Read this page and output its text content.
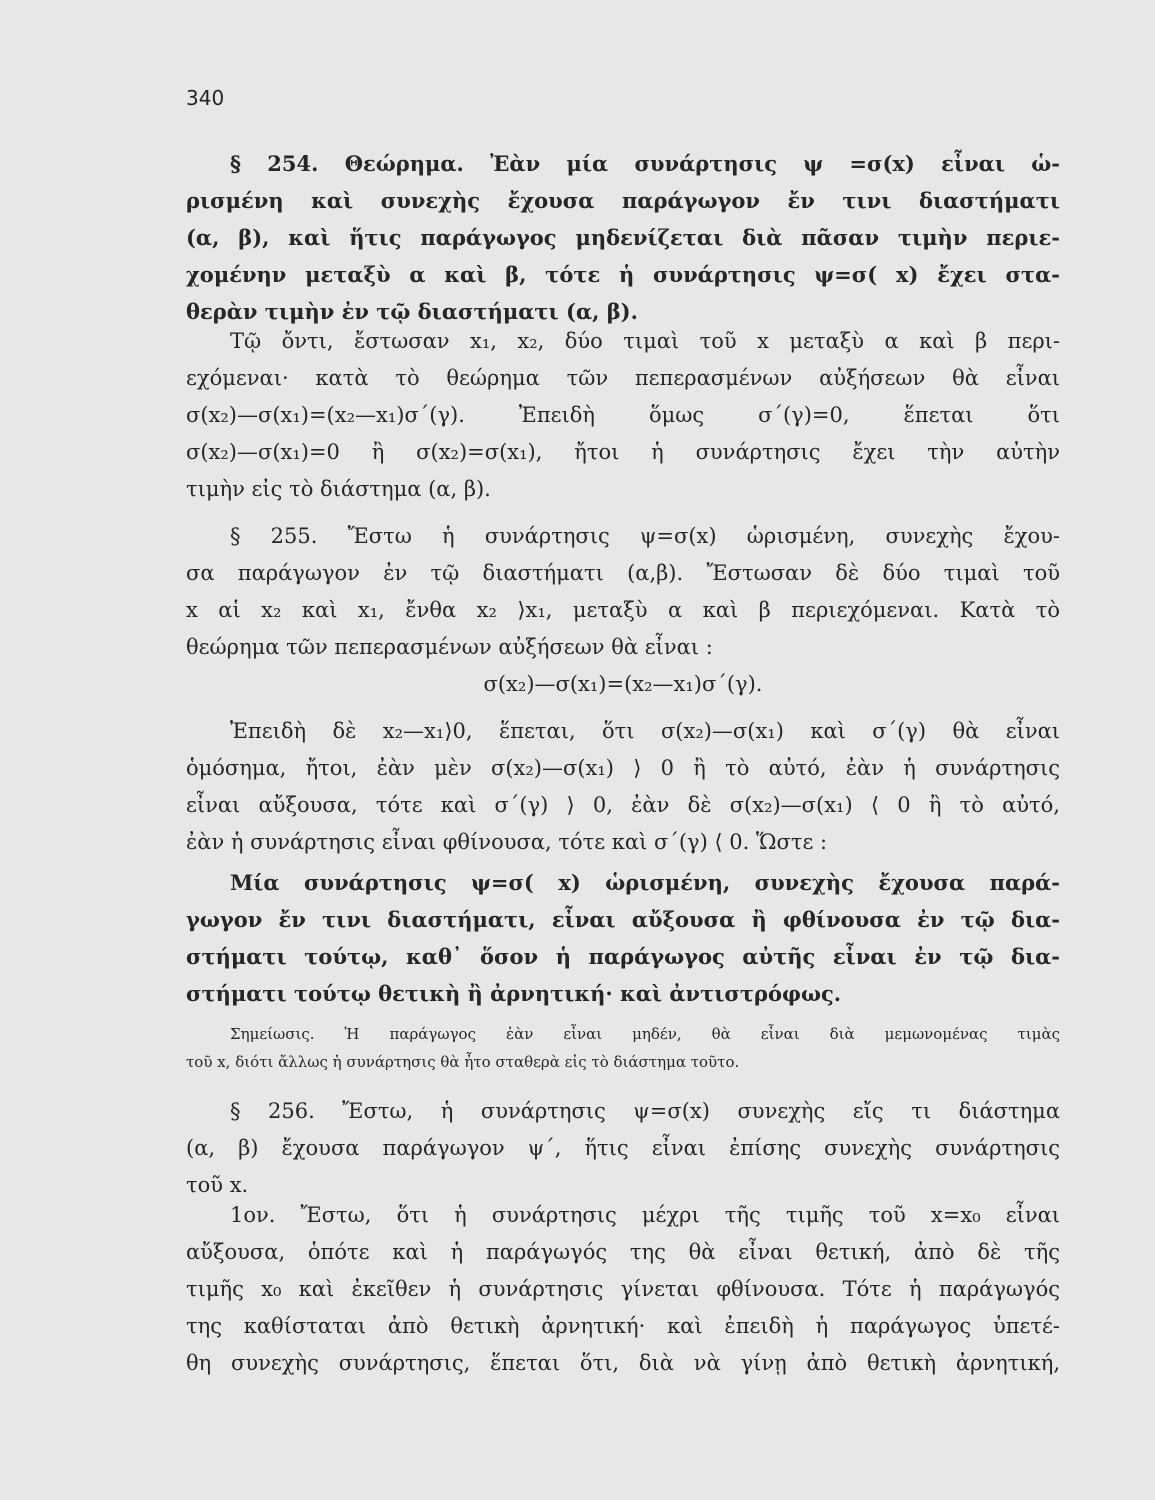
340
§ 254. Θεώρημα. Ἐὰν μία συνάρτησις ψ =σ(x) εἶναι ὡ-
ρισμένη καὶ συνεχὴς ἔχουσα παράγωγον ἔν τινι διαστήματι
(α, β), καὶ ἥτις παράγωγος μηδενίζεται διὰ πᾶσαν τιμὴν περιε-
χομένην μεταξὺ α καὶ β, τότε ἡ συνάρτησις ψ=σ( x) ἔχει στα-
θερὰν τιμὴν ἐν τῷ διαστήματι (α, β).
Τῷ ὄντι, ἔστωσαν x₁, x₂, δύο τιμαὶ τοῦ x μεταξὺ α καὶ β περι-
εχόμεναι· κατὰ τὸ θεώρημα τῶν πεπερασμένων αὐξήσεων θὰ εἶναι
σ(x₂)—σ(x₁)=(x₂—x₁)σ΄(γ). Ἐπειδὴ ὅμως σ΄(γ)=0, ἕπεται ὅτι
σ(x₂)—σ(x₁)=0 ἢ σ(x₂)=σ(x₁), ἤτοι ἡ συνάρτησις ἔχει τὴν αὐτὴν
τιμὴν εἰς τὸ διάστημα (α, β).
§ 255. Ἔστω ἡ συνάρτησις ψ=σ(x) ὡρισμένη, συνεχὴς ἔχου-
σα παράγωγον ἐν τῷ διαστήματι (α,β). Ἔστωσαν δὲ δύο τιμαὶ τοῦ
x αἱ x₂ καὶ x₁, ἔνθα x₂ ⟩x₁, μεταξὺ α καὶ β περιεχόμεναι. Κατὰ τὸ
θεώρημα τῶν πεπερασμένων αὐξήσεων θὰ εἶναι :
σ(x₂)—σ(x₁)=(x₂—x₁)σ΄(γ).
Ἐπειδὴ δὲ x₂—x₁⟩0, ἕπεται, ὅτι σ(x₂)—σ(x₁) καὶ σ΄(γ) θὰ εἶναι
ὁμόσημα, ἤτοι, ἐὰν μὲν σ(x₂)—σ(x₁) ⟩ 0 ἢ τὸ αὐτό, ἐὰν ἡ συνάρτησις
εἶναι αὔξουσα, τότε καὶ σ΄(γ) ⟩ 0, ἐὰν δὲ σ(x₂)—σ(x₁) ⟨ 0 ἢ τὸ αὐτό,
ἐὰν ἡ συνάρτησις εἶναι φθίνουσα, τότε καὶ σ΄(γ) ⟨ 0. Ὥστε :
Μία συνάρτησις ψ=σ( x) ὡρισμένη, συνεχὴς ἔχουσα παρά-
γωγον ἔν τινι διαστήματι, εἶναι αὔξουσα ἢ φθίνουσα ἐν τῷ δια-
στήματι τούτῳ, καθ᾽ ὅσον ἡ παράγωγος αὐτῆς εἶναι ἐν τῷ δια-
στήματι τούτῳ θετικὴ ἢ ἀρνητική· καὶ ἀντιστρόφως.
Σημείωσις. Ἡ παράγωγος ἐὰν εἶναι μηδέν, θὰ εἶναι διὰ μεμωνομένας τιμὰς
τοῦ x, διότι ἄλλως ἡ συνάρτησις θὰ ἦτο σταθερὰ εἰς τὸ διάστημα τοῦτο.
§ 256. Ἔστω, ἡ συνάρτησις ψ=σ(x) συνεχὴς εἴς τι διάστημα
(α, β) ἔχουσα παράγωγον ψ΄, ἥτις εἶναι ἐπίσης συνεχὴς συνάρτησις
τοῦ x.
1ον. Ἔστω, ὅτι ἡ συνάρτησις μέχρι τῆς τιμῆς τοῦ x=x₀ εἶναι
αὔξουσα, ὁπότε καὶ ἡ παράγωγός της θὰ εἶναι θετική, ἀπὸ δὲ τῆς
τιμῆς x₀ καὶ ἐκεῖθεν ἡ συνάρτησις γίνεται φθίνουσα. Τότε ἡ παράγωγός
της καθίσταται ἀπὸ θετικὴ ἀρνητική· καὶ ἐπειδὴ ἡ παράγωγος ὑπετέ-
θη συνεχὴς συνάρτησις, ἕπεται ὅτι, διὰ νὰ γίνῃ ἀπὸ θετικὴ ἀρνητική,
